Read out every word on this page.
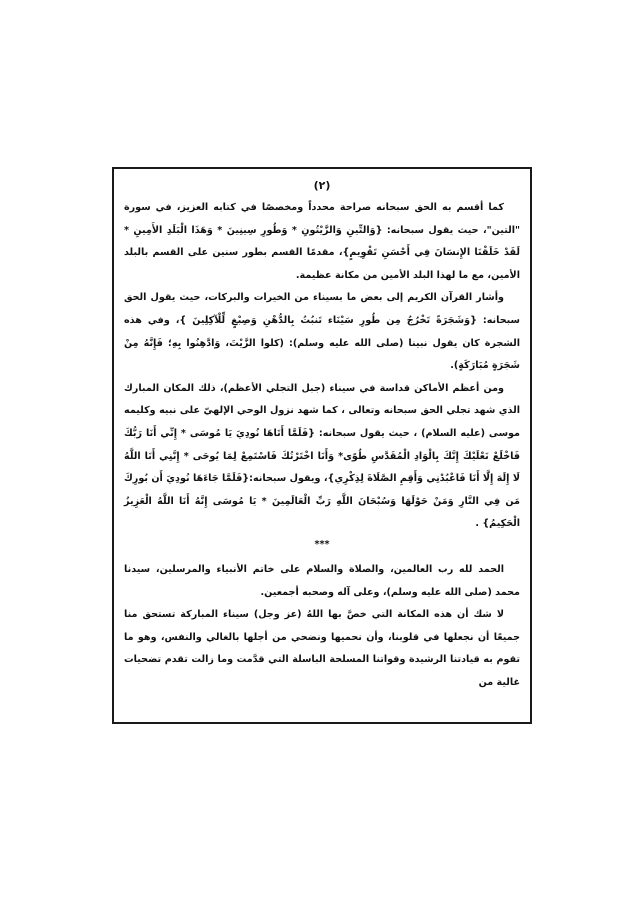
(٢)

كما أقسم به الحق سبحانه صراحة محدداً ومخصصًا في كتابه العزيز، في سورة "التين"، حيث يقول سبحانه: {وَالتِّينِ وَالزَّيْتُونِ * وَطُورِ سِينِينَ * وَهَذَا الْبَلَدِ الأَمِينِ * لَقَدْ خَلَقْنَا الإِنسَانَ فِي أَحْسَنِ تَقْوِيمٍ}، مقدمًا القسم بطور سنين على القسم بالبلد الأمين، مع ما لهذا البلد الأمين من مكانة عظيمة.

وأشار القرآن الكريم إلى بعض ما بسيناء من الخيرات والبركات، حيث يقول الحق سبحانه: {وَشَجَرَةً تَخْرُجُ مِن طُورِ سَيْنَاء تَنبُتُ بِالدُّهْنِ وَصِبْغٍ لِّلْآكِلِينَ }، وفي هذه الشجرة كان يقول نبينا (صلى الله عليه وسلم): (كلوا الزَّيْتَ، وَادَّهِنُوا بِهِ؛ فَإِنَّهُ مِنْ شَجَرَةٍ مُبَارَكَةٍ).

ومن أعظم الأماكن قداسة في سيناء (جبل التجلي الأعظم)، ذلك المكان المبارك الذي شهد تجلي الحق سبحانه وتعالى ، كما شهد نزول الوحي الإلهيّ على نبيه وكليمه موسى (عليه السلام) ، حيث يقول سبحانه: {فَلَمَّا أَتَاهَا نُودِيَ يَا مُوسَى * إِنِّي أَنَا رَبُّكَ فَاخْلَعْ نَعْلَيْكَ إِنَّكَ بِالْوَادِ الْمُقَدَّسِ طُوًى* وَأَنَا اخْتَرْتُكَ فَاسْتَمِعْ لِمَا يُوحَى * إِنَّنِي أَنَا اللَّهُ لَا إِلَهَ إِلَّا أَنَا فَاعْبُدْنِي وَأَقِمِ الصَّلَاةَ لِذِكْرِي}، ويقول سبحانه:{فَلَمَّا جَاءَهَا نُودِيَ أَن بُورِكَ مَن فِي النَّارِ وَمَنْ حَوْلَهَا وَسُبْحَانَ اللَّهِ رَبِّ الْعَالَمِينَ * يَا مُوسَى إِنَّهُ أَنَا اللَّهُ الْعَزِيزُ الْحَكِيمُ} .

***

الحمد لله رب العالمين، والصلاة والسلام على خاتم الأنبياء والمرسلين، سيدنا محمد (صلى الله عليه وسلم)، وعلى آله وصحبه أجمعين.

لا شك أن هذه المكانة التي خصَّ بها اللهُ (عز وجل) سيناء المباركة تستحق منا جميعًا أن نجعلها في قلوبنا، وأن نحميها ونضحي من أجلها بالغالي والنفس، وهو ما تقوم به قيادتنا الرشيدة وقواتنا المسلحة الباسلة التي قدَّمت وما زالت تقدم تضحيات غالية من
